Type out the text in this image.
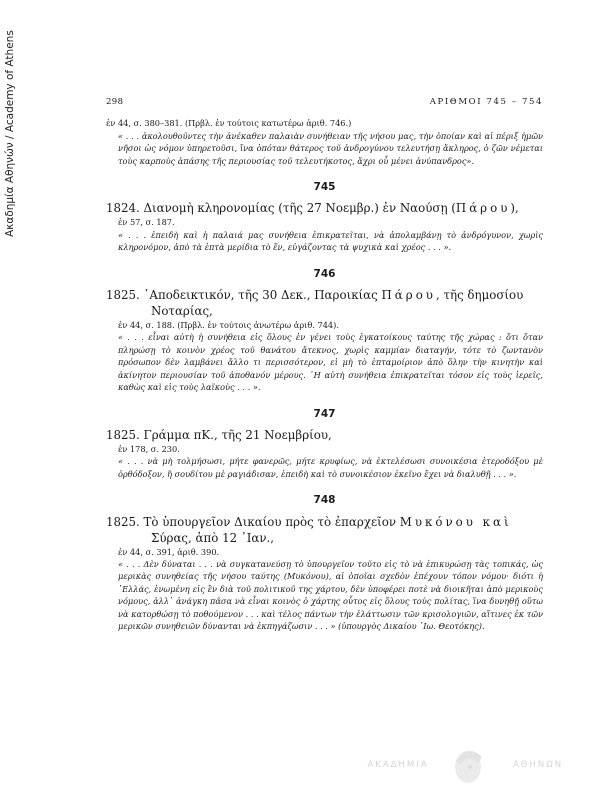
Ακαδημία Αθηνών / Academy of Athens	298	ΑΡΙΘΜΟΙ 745 – 754

ἐν 44, σ. 380–381. (Πρβλ. ἐν τούτοις κατωτέρω ἀριθ. 746.)

« . . . ἀκολουθοῦντες τὴν ἀνέκαθεν παλαιὰν συνήθειαν τῆς νήσου μας, τὴν ὁποίαν καὶ αἱ πέριξ ἡμῶν νῆσοι ὡς νόμον ὑπηρετοῦσι, ἵνα ὁπόταν θάτερος τοῦ ἀνδρογύνου τελευτήσῃ ἄκληρος, ὁ ζῶν νέμεται τοὺς καρποὺς ἁπάσης τῆς περιουσίας τοῦ τελευτήκοτος, ἄχρι οὗ μένει ἀνύπανδρος».

745

1824. Διανομὴ κληρονομίας (τῆς 27 Νοεμβρ.) ἐν Ναούσῃ (Πάρου),

ἐν 57, σ. 187.

« . . . ἐπειδὴ καὶ ἡ παλαιά μας συνήθεια ἐπικρατεῖται, νὰ ἀπολαμβάνῃ τὸ ἀνδρόγυνον, χωρὶς κληρονόμον, ἀπὸ τὰ ἑπτὰ μερίδια τὸ ἕν, εὐγάζοντας τὰ ψυχικὰ καὶ χρέος . . . ».

746

1825. ᾿Αποδεικτικόν, τῆς 30 Δεκ., Παροικίας Πάρου, τῆς δημοσίου
Νοταρίας,

ἐν 44, σ. 188. (Πρβλ. ἐν τούτοις ἀνωτέρω ἀριθ. 744).

« . . . εἶναι αὐτὴ ἡ συνήθεια εἰς ὅλους ἐν γένει τοὺς ἐγκατοίκους ταύτης τῆς χώρας : ὅτι ὅταν πληρώσῃ τὸ κοινὸν χρέος τοῦ θανάτου ἄτεκνος, χωρὶς καμμίαν διαταγήν, τότε τὸ ζωντανὸν πρόσωπον δὲν λαμβάνει ἄλλο τι περισσότερον, εἰ μὴ τὸ ἐπταμοίριον ἀπὸ ὅλην τὴν κινητὴν καὶ ἀκίνητον περιουσίαν τοῦ ἀποθανόν μέρους. ῾Η αὐτὴ συνήθεια ἐπικρατεῖται τόσον εἰς τοὺς ἱερεῖς, καθὼς καὶ εἰς τοὺς λαϊκοὺς . . . ».

747

1825. Γράμμα πΚ., τῆς 21 Νοεμβρίου,

ἐν 178, σ. 230.

« . . . νὰ μὴ τολμήσωσι, μήτε φανερῶς, μήτε κρυφίως, νὰ ἐκτελέσωσι συνοικέσια ἑτεροδόξου μὲ ὀρθόδοξον, ἢ σουδίτου μὲ ραγιάδισαν, ἐπειδὴ καὶ τὸ συνοικέσιον ἐκεῖνο ἔχει νὰ διαλυθῇ . . . ».

748

1825. Τὸ ὑπουργεῖον Δικαίου πρὸς τὸ ἐπαρχεῖον Μυκόνου καὶ
Σύρας, ἀπὸ 12 ᾿Ιαν.,

ἐν 44, σ. 391, ἀριθ. 390.

« . . . Δὲν δύναται . . . νὰ συγκατανεύσῃ τὸ ὑπουργεῖον τοῦτο εἰς τὸ νὰ ἐπικυρώσῃ τὰς τοπικάς, ὡς μερικὰς συνηθείας τῆς νήσου ταύτης (Μυκόνου), αἱ ὁποῖαι σχεδὸν ἐπέχουν τόπον νόμου· διότι ἡ ῾Ελλάς, ἑνωμένη εἰς ἓν διὰ τοῦ πολιτικοῦ της χάρτου, δὲν ὑποφέρει ποτὲ νὰ διοικῆται ἀπὸ μερικοὺς νόμους, ἀλλ᾿ ἀνάγκη πᾶσα νὰ εἶναι κοινὸς ὁ χάρτης οὗτος εἰς ὅλους τοὺς πολίτας, ἵνα δυνηθῇ οὕτω νὰ κατορθώσῃ τὸ ποθούμενον . . . καὶ τέλος πάντων τὴν ἐλάττωσιν τῶν κρισολογιῶν, αἵτινες ἐκ τῶν μερικῶν συνηθειῶν δύνανται νὰ ἐκπηγάζωσιν . . . » (ὑπουργὸς Δικαίου ᾿Ιω. Θεοτόκης).

ΑΚΑΔΗΜΙΑ	ΑΘΗΝΩΝ
